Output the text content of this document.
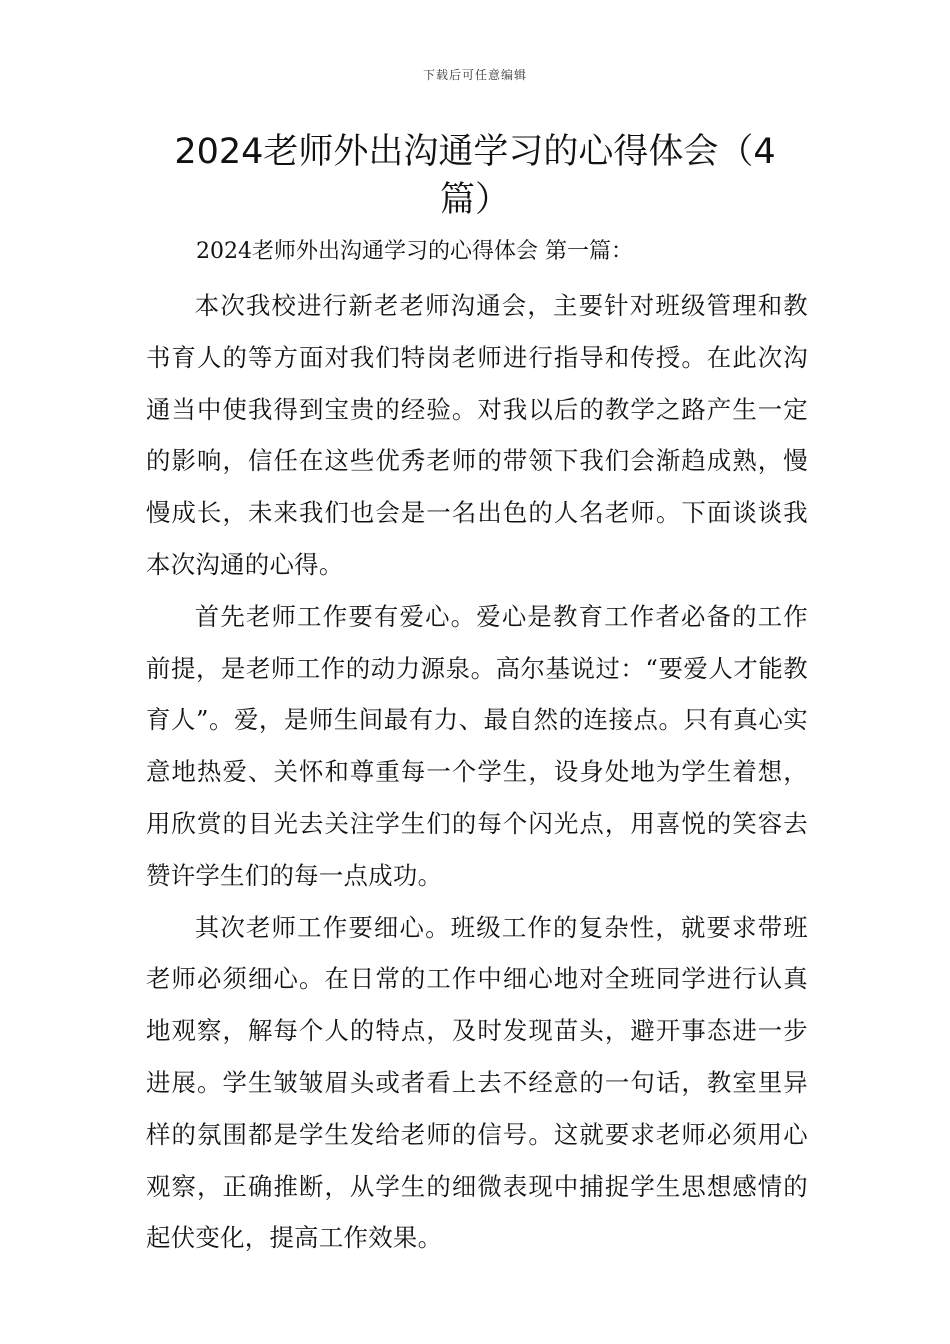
下载后可任意编辑
2024老师外出沟通学习的心得体会（4篇）
2024老师外出沟通学习的心得体会 第一篇：

本次我校进行新老老师沟通会，主要针对班级管理和教书育人的等方面对我们特岗老师进行指导和传授。在此次沟通当中使我得到宝贵的经验。对我以后的教学之路产生一定的影响，信任在这些优秀老师的带领下我们会渐趋成熟，慢慢成长，未来我们也会是一名出色的人名老师。下面谈谈我本次沟通的心得。

首先老师工作要有爱心。爱心是教育工作者必备的工作前提，是老师工作的动力源泉。高尔基说过：“要爱人才能教育人”。爱，是师生间最有力、最自然的连接点。只有真心实意地热爱、关怀和尊重每一个学生，设身处地为学生着想，用欣赏的目光去关注学生们的每个闪光点，用喜悦的笑容去赞许学生们的每一点成功。

其次老师工作要细心。班级工作的复杂性，就要求带班老师必须细心。在日常的工作中细心地对全班同学进行认真地观察，解每个人的特点，及时发现苗头，避开事态进一步进展。学生皱皱眉头或者看上去不经意的一句话，教室里异样的氛围都是学生发给老师的信号。这就要求老师必须用心观察，正确推断，从学生的细微表现中捕捉学生思想感情的起伏变化，提高工作效果。
